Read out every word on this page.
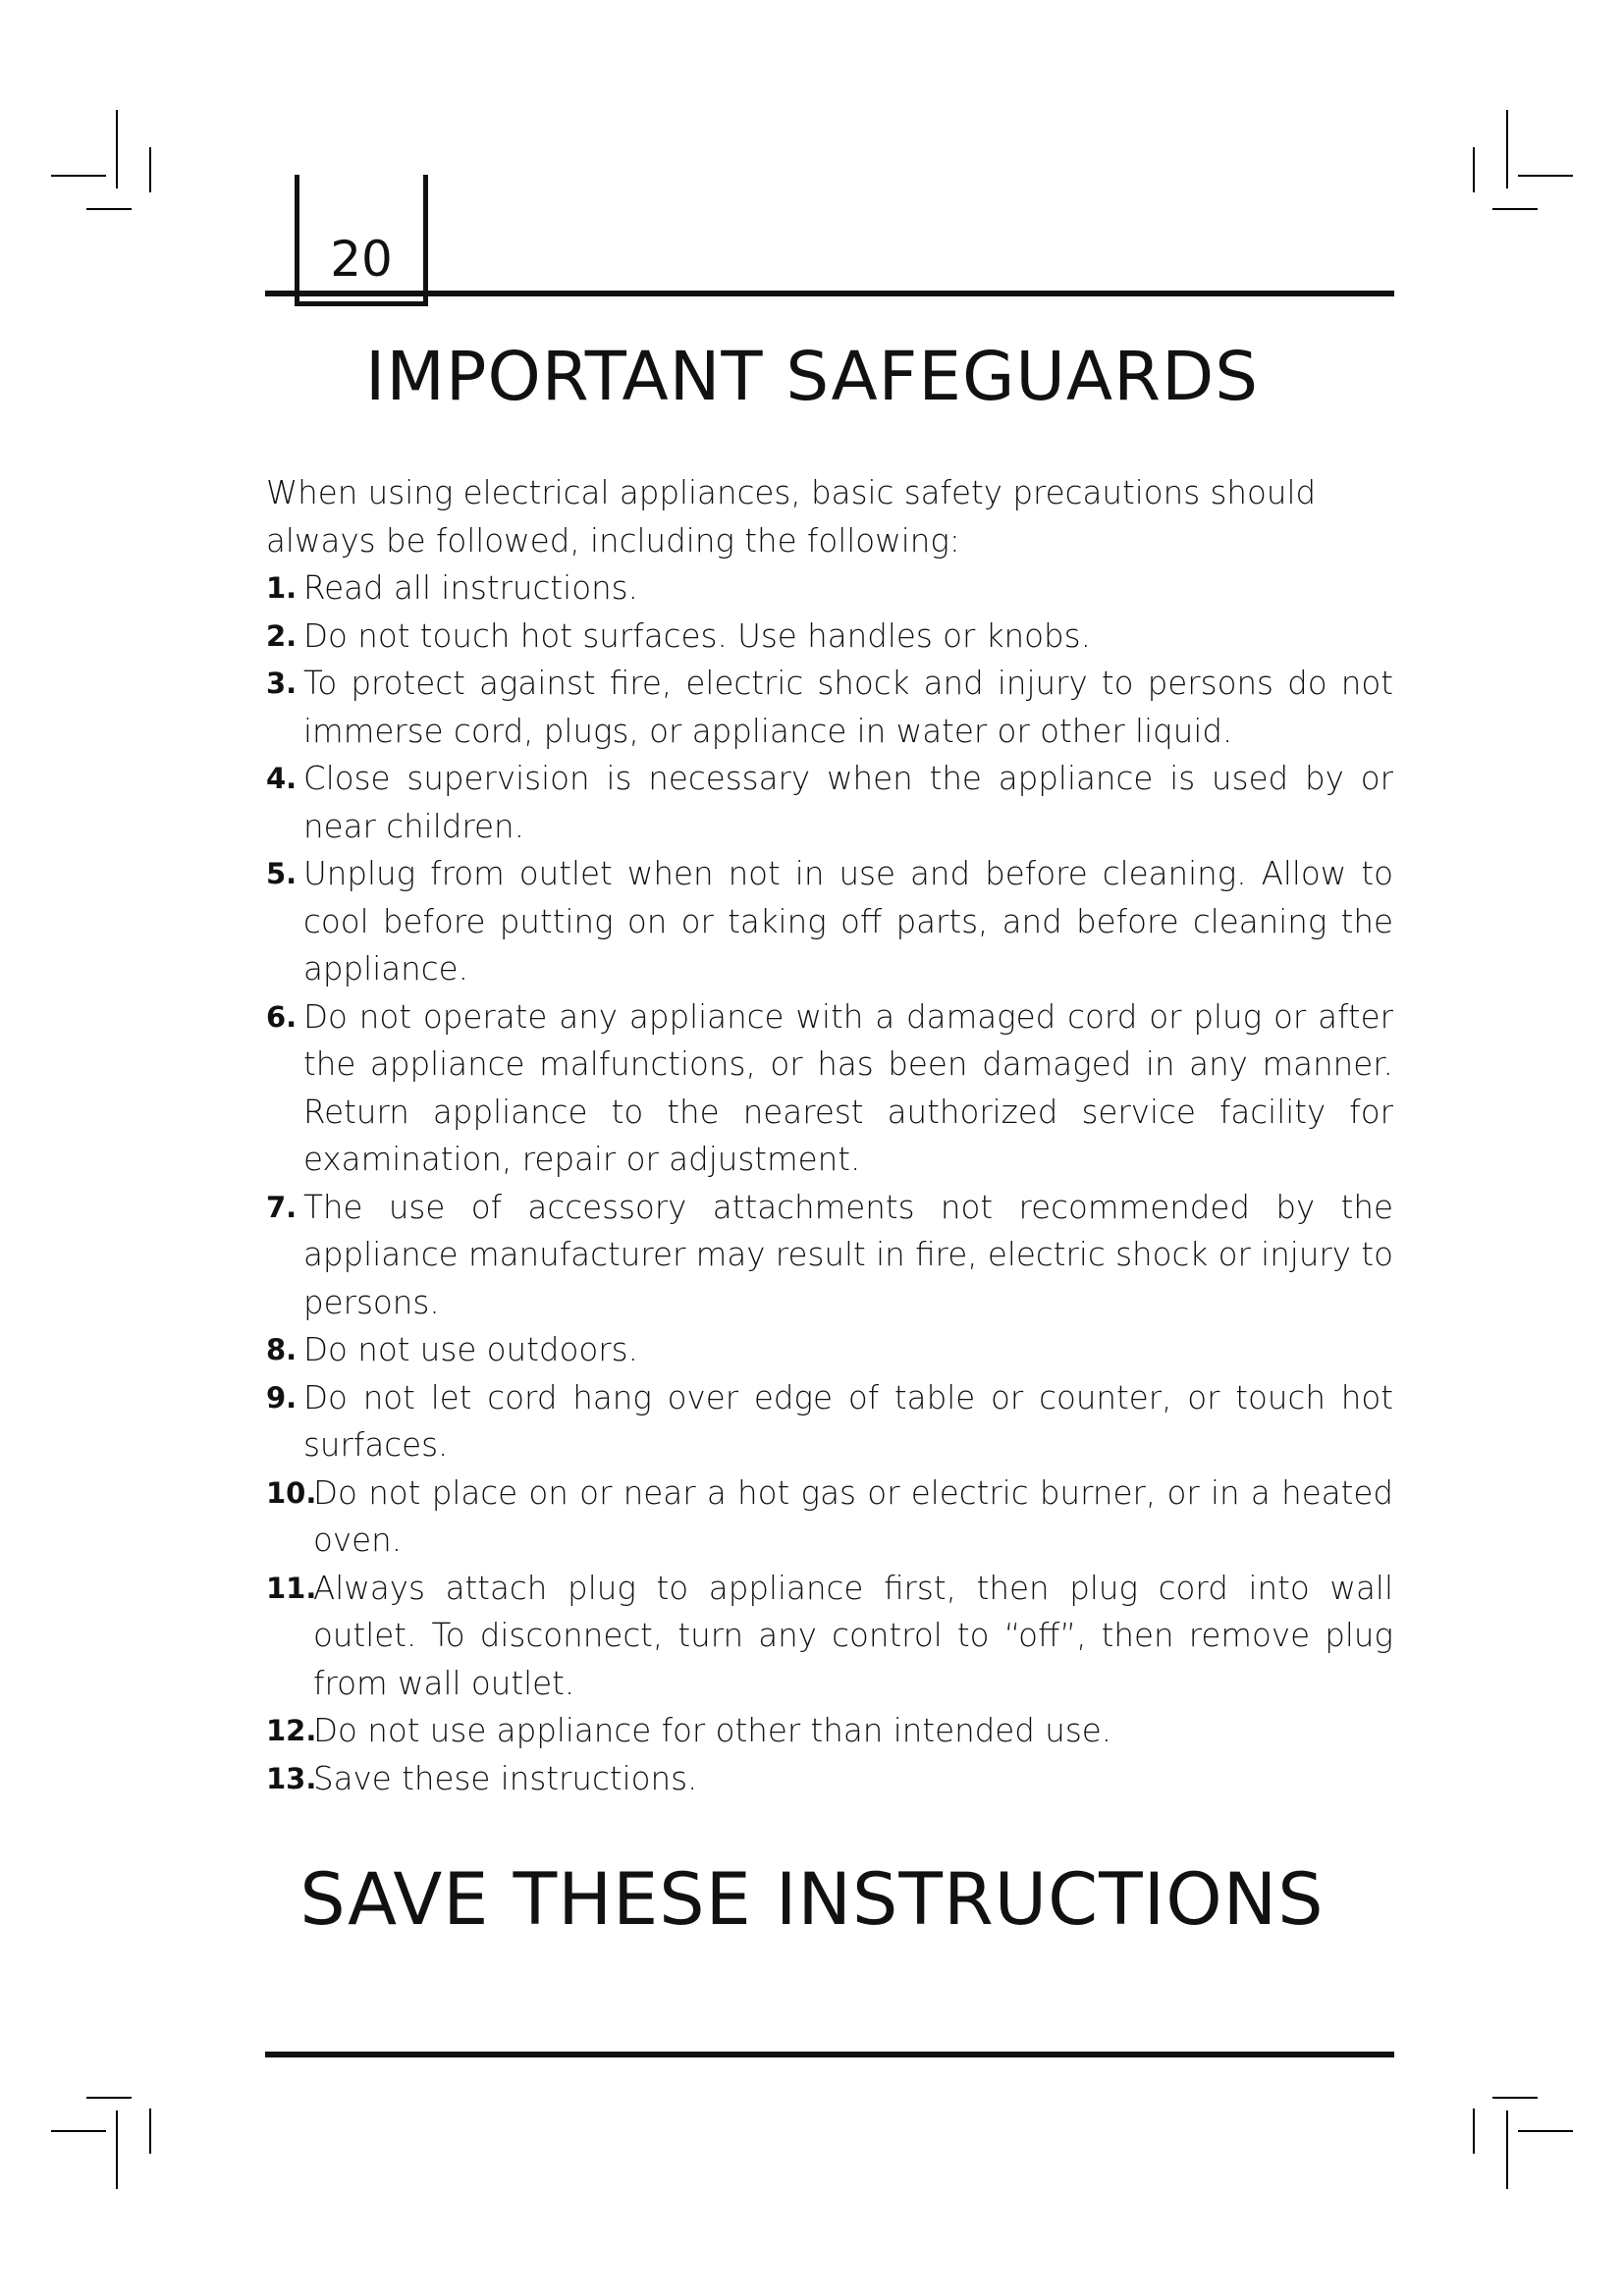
20
IMPORTANT SAFEGUARDS

When using electrical appliances, basic safety precautions should always be followed, including the following:

1. Read all instructions.
2. Do not touch hot surfaces. Use handles or knobs.
3. To protect against fire, electric shock and injury to persons do not immerse cord, plugs, or appliance in water or other liquid.
4. Close supervision is necessary when the appliance is used by or near children.
5. Unplug from outlet when not in use and before cleaning. Allow to cool before putting on or taking off parts, and before cleaning the appliance.
6. Do not operate any appliance with a damaged cord or plug or after the appliance malfunctions, or has been damaged in any manner. Return appliance to the nearest authorized service facility for examination, repair or adjustment.
7. The use of accessory attachments not recommended by the appliance manufacturer may result in fire, electric shock or injury to persons.
8. Do not use outdoors.
9. Do not let cord hang over edge of table or counter, or touch hot surfaces.
10.
Do not place on or near a hot gas or electric burner, or in a heated oven.
11.
Always attach plug to appliance first, then plug cord into wall outlet. To disconnect, turn any control to “off”, then remove plug from wall outlet.
12.
Do not use appliance for other than intended use.
13.
Save these instructions.
SAVE THESE INSTRUCTIONS
